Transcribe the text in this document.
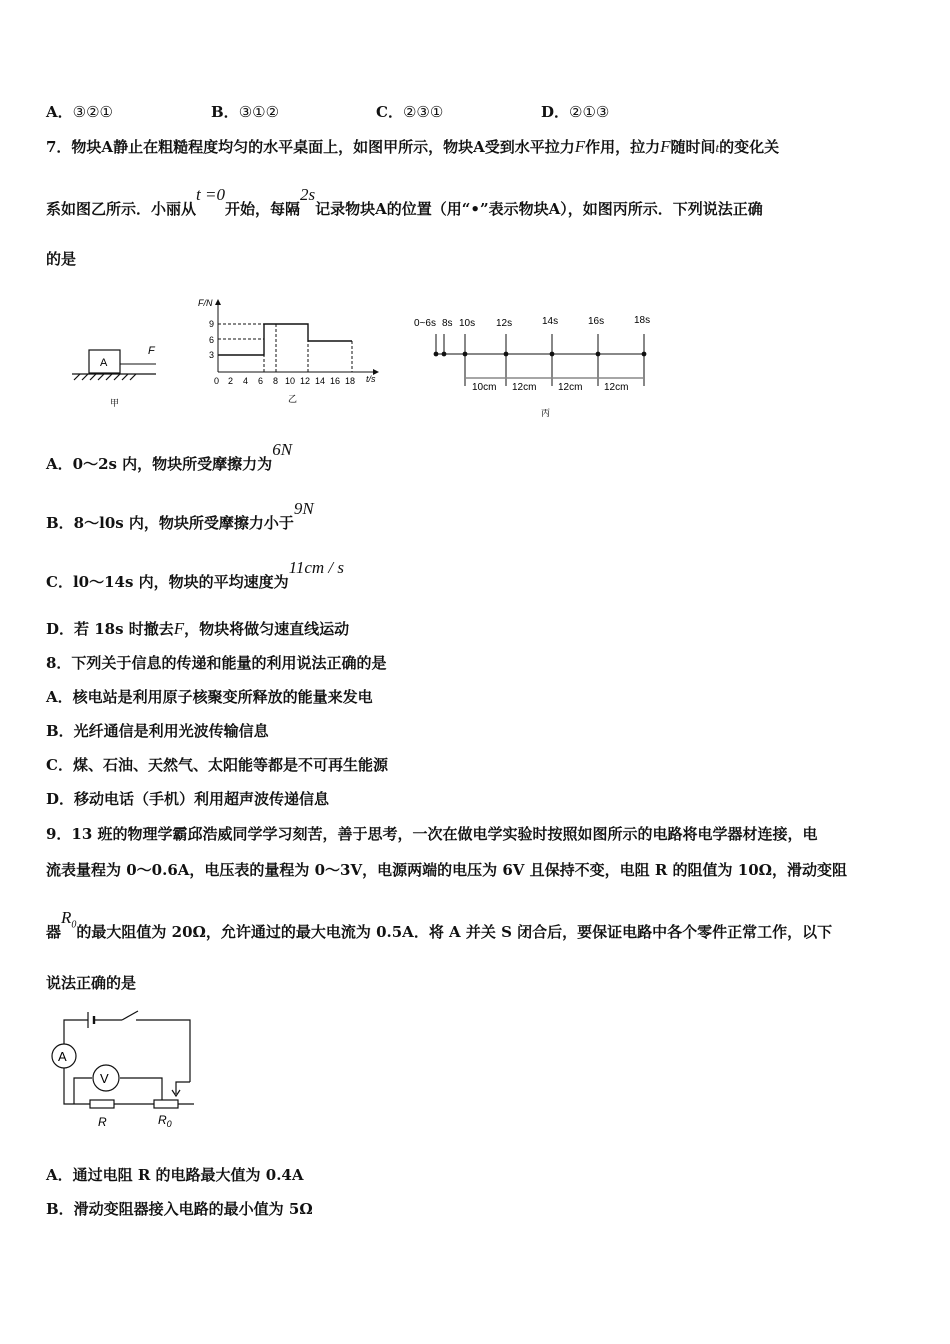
A．③②①	B．③①②	C．②③①	D．②①③
7．物块A静止在粗糙程度均匀的水平桌面上，如图甲所示，物块A受到水平拉力F作用，拉力F随时间t的变化关
系如图乙所示．小丽从t =0开始，每隔2s记录物块A的位置（用“•”表示物块A），如图丙所示．下列说法正确
的是
A
F
甲
F/N
t/s
3
6
9
0 2 4 6 8 10 12 14 16 18
乙
0~6s 8s 10s 12s	14s	16s	18s
10cm 12cm 12cm 12cm
丙
A．0～2s 内，物块所受摩擦力为6N
B．8～l0s 内，物块所受摩擦力小于9N
C．l0～14s 内，物块的平均速度为11cm / s
D．若 18s 时撤去F，物块将做匀速直线运动
8．下列关于信息的传递和能量的利用说法正确的是
A．核电站是利用原子核聚变所释放的能量来发电
B．光纤通信是利用光波传输信息
C．煤、石油、天然气、太阳能等都是不可再生能源
D．移动电话（手机）利用超声波传递信息
9．13 班的物理学霸邱浩威同学学习刻苦，善于思考，一次在做电学实验时按照如图所示的电路将电学器材连接，电
流表量程为 0～0.6A，电压表的量程为 0～3V，电源两端的电压为 6V 且保持不变，电阻 R 的阻值为 10Ω，滑动变阻
器$R_0$的最大阻值为 20Ω，允许通过的最大电流为 0.5A．将 A 并关 S 闭合后，要保证电路中各个零件正常工作，以下
说法正确的是
A
V
R	$R_0$
A．通过电阻 R 的电路最大值为 0.4A
B．滑动变阻器接入电路的最小值为 5Ω
